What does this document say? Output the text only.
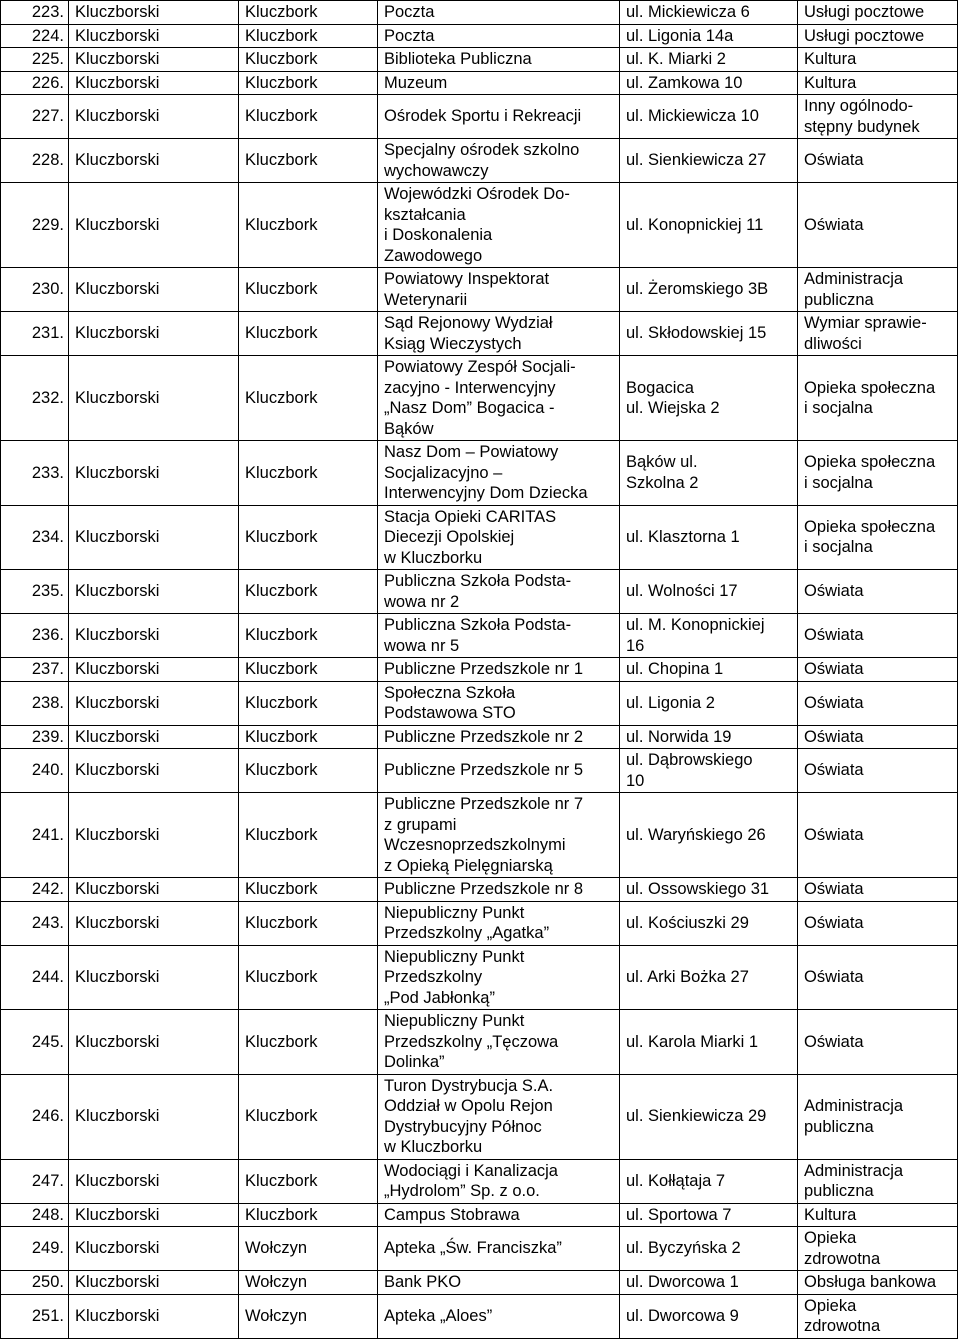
223.	Kluczborski	Kluczbork	Poczta	ul. Mickiewicza 6	Usługi pocztowe

224.	Kluczborski	Kluczbork	Poczta	ul. Ligonia 14a	Usługi pocztowe

225.	Kluczborski	Kluczbork	Biblioteka Publiczna	ul. K. Miarki 2	Kultura

226.	Kluczborski	Kluczbork	Muzeum	ul. Zamkowa 10	Kultura

227.	Kluczborski	Kluczbork	Ośrodek Sportu i Rekreacji	ul. Mickiewicza 10	Inny ogólnodo-
stępny budynek

228.	Kluczborski	Kluczbork	Specjalny ośrodek szkolno
wychowawczy	ul. Sienkiewicza 27	Oświata

229.	Kluczborski	Kluczbork	Wojewódzki Ośrodek Do-
kształcania
i Doskonalenia
Zawodowego	ul. Konopnickiej 11	Oświata

230.	Kluczborski	Kluczbork	Powiatowy Inspektorat
Weterynarii	ul. Żeromskiego 3B	Administracja
publiczna

231.	Kluczborski	Kluczbork	Sąd Rejonowy Wydział
Ksiąg Wieczystych	ul. Skłodowskiej 15	Wymiar sprawie-
dliwości

232.	Kluczborski	Kluczbork	Powiatowy Zespół Socjali-
zacyjno - Interwencyjny
„Nasz Dom” Bogacica -
Bąków	Bogacica
ul. Wiejska 2	Opieka społeczna
i socjalna

233.	Kluczborski	Kluczbork	Nasz Dom – Powiatowy
Socjalizacyjno –
Interwencyjny Dom Dziecka	Bąków ul.
Szkolna 2	Opieka społeczna
i socjalna

234.	Kluczborski	Kluczbork	Stacja Opieki CARITAS
Diecezji Opolskiej
w Kluczborku	ul. Klasztorna 1	Opieka społeczna
i socjalna

235.	Kluczborski	Kluczbork	Publiczna Szkoła Podsta-
wowa nr 2	ul. Wolności 17	Oświata

236.	Kluczborski	Kluczbork	Publiczna Szkoła Podsta-
wowa nr 5	ul. M. Konopnickiej
16	Oświata

237.	Kluczborski	Kluczbork	Publiczne Przedszkole nr 1	ul. Chopina 1	Oświata

238.	Kluczborski	Kluczbork	Społeczna Szkoła
Podstawowa STO	ul. Ligonia 2	Oświata

239.	Kluczborski	Kluczbork	Publiczne Przedszkole nr 2	ul. Norwida 19	Oświata

240.	Kluczborski	Kluczbork	Publiczne Przedszkole nr 5	ul. Dąbrowskiego
10	Oświata

241.	Kluczborski	Kluczbork	Publiczne Przedszkole nr 7
z grupami
Wczesnoprzedszkolnymi
z Opieką Pielęgniarską	ul. Waryńskiego 26	Oświata

242.	Kluczborski	Kluczbork	Publiczne Przedszkole nr 8	ul. Ossowskiego 31	Oświata

243.	Kluczborski	Kluczbork	Niepubliczny Punkt
Przedszkolny „Agatka”	ul. Kościuszki 29	Oświata

244.	Kluczborski	Kluczbork	Niepubliczny Punkt
Przedszkolny
„Pod Jabłonką”	ul. Arki Bożka 27	Oświata

245.	Kluczborski	Kluczbork	Niepubliczny Punkt
Przedszkolny „Tęczowa
Dolinka”	ul. Karola Miarki 1	Oświata

246.	Kluczborski	Kluczbork	Turon Dystrybucja S.A.
Oddział w Opolu Rejon
Dystrybucyjny Północ
w Kluczborku	ul. Sienkiewicza 29	Administracja
publiczna

247.	Kluczborski	Kluczbork	Wodociągi i Kanalizacja
„Hydrolom” Sp. z o.o.	ul. Kołłątaja 7	Administracja
publiczna

248.	Kluczborski	Kluczbork	Campus Stobrawa	ul. Sportowa 7	Kultura

249.	Kluczborski	Wołczyn	Apteka „Św. Franciszka”	ul. Byczyńska 2	Opieka
zdrowotna

250.	Kluczborski	Wołczyn	Bank PKO	ul. Dworcowa 1	Obsługa bankowa

251.	Kluczborski	Wołczyn	Apteka „Aloes”	ul. Dworcowa 9	Opieka
zdrowotna
